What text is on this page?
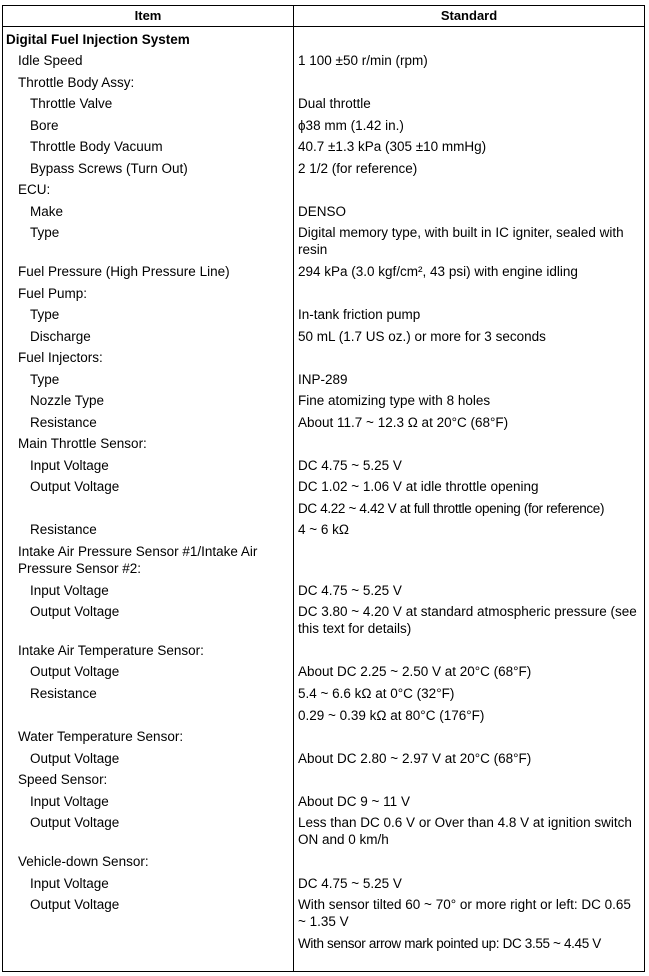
Item	Standard
Digital Fuel Injection System
Idle Speed	1 100 ±50 r/min (rpm)
Throttle Body Assy:
Throttle Valve	Dual throttle
Bore	ϕ38 mm (1.42 in.)
Throttle Body Vacuum	40.7 ±1.3 kPa (305 ±10 mmHg)
Bypass Screws (Turn Out)	2 1/2 (for reference)
ECU:
Make	DENSO
Type	Digital memory type, with built in IC igniter, sealed with resin
Fuel Pressure (High Pressure Line)	294 kPa (3.0 kgf/cm², 43 psi) with engine idling
Fuel Pump:
Type	In-tank friction pump
Discharge	50 mL (1.7 US oz.) or more for 3 seconds
Fuel Injectors:
Type	INP-289
Nozzle Type	Fine atomizing type with 8 holes
Resistance	About 11.7 ~ 12.3 Ω at 20°C (68°F)
Main Throttle Sensor:
Input Voltage	DC 4.75 ~ 5.25 V
Output Voltage	DC 1.02 ~ 1.06 V at idle throttle opening
DC 4.22 ~ 4.42 V at full throttle opening (for reference)
Resistance	4 ~ 6 kΩ
Intake Air Pressure Sensor #1/Intake Air Pressure Sensor #2:
Input Voltage	DC 4.75 ~ 5.25 V
Output Voltage	DC 3.80 ~ 4.20 V at standard atmospheric pressure (see this text for details)
Intake Air Temperature Sensor:
Output Voltage	About DC 2.25 ~ 2.50 V at 20°C (68°F)
Resistance	5.4 ~ 6.6 kΩ at 0°C (32°F)
0.29 ~ 0.39 kΩ at 80°C (176°F)
Water Temperature Sensor:
Output Voltage	About DC 2.80 ~ 2.97 V at 20°C (68°F)
Speed Sensor:
Input Voltage	About DC 9 ~ 11 V
Output Voltage	Less than DC 0.6 V or Over than 4.8 V at ignition switch ON and 0 km/h
Vehicle-down Sensor:
Input Voltage	DC 4.75 ~ 5.25 V
Output Voltage	With sensor tilted 60 ~ 70° or more right or left: DC 0.65 ~ 1.35 V
With sensor arrow mark pointed up: DC 3.55 ~ 4.45 V
